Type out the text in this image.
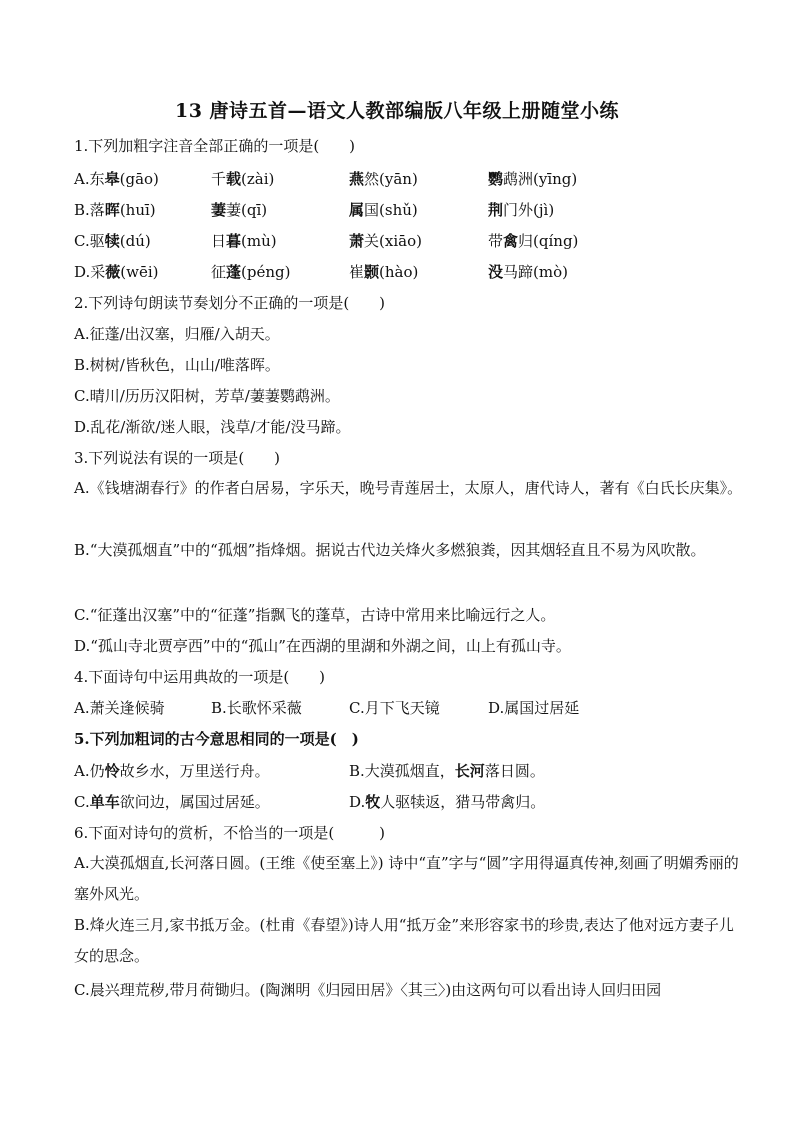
13 唐诗五首—语文人教部编版八年级上册随堂小练
1.下列加粗字注音全部正确的一项是(　　)
A.东皋(gāo)	千载(zài)	燕然(yān)	鹦鹉洲(yīng)
B.落晖(huī)	萋萋(qī)	属国(shǔ)	荆门外(jì)
C.驱犊(dú)	日暮(mù)	萧关(xiāo)	带禽归(qíng)
D.采薇(wēi)	征蓬(péng)	崔颢(hào)	没马蹄(mò)
2.下列诗句朗读节奏划分不正确的一项是(　　)
A.征蓬/出汉塞，归雁/入胡天。
B.树树/皆秋色，山山/唯落晖。
C.晴川/历历汉阳树，芳草/萋萋鹦鹉洲。
D.乱花/渐欲/迷人眼，浅草/才能/没马蹄。
3.下列说法有误的一项是(　　)
A.《钱塘湖春行》的作者白居易，字乐天，晚号青莲居士，太原人，唐代诗人，著有《白氏长庆集》。
B.“大漠孤烟直”中的“孤烟”指烽烟。据说古代边关烽火多燃狼粪，因其烟轻直且不易为风吹散。
C.“征蓬出汉塞”中的“征蓬”指飘飞的蓬草，古诗中常用来比喻远行之人。
D.“孤山寺北贾亭西”中的“孤山”在西湖的里湖和外湖之间，山上有孤山寺。
4.下面诗句中运用典故的一项是(　　)
A.萧关逢候骑	B.长歌怀采薇	C.月下飞天镜	D.属国过居延
5.下列加粗词的古今意思相同的一项是(　)
A.仍怜故乡水，万里送行舟。	B.大漠孤烟直，长河落日圆。
C.单车欲问边，属国过居延。	D.牧人驱犊返，猎马带禽归。
6.下面对诗句的赏析，不恰当的一项是(　　　)
A.大漠孤烟直,长河落日圆。(王维《使至塞上》) 诗中“直”字与“圆”字用得逼真传神,刻画了明媚秀丽的塞外风光。
B.烽火连三月,家书抵万金。(杜甫《春望》)诗人用“抵万金”来形容家书的珍贵,表达了他对远方妻子儿女的思念。
C.晨兴理荒秽,带月荷锄归。(陶渊明《归园田居》〈其三〉)由这两句可以看出诗人回归田园
